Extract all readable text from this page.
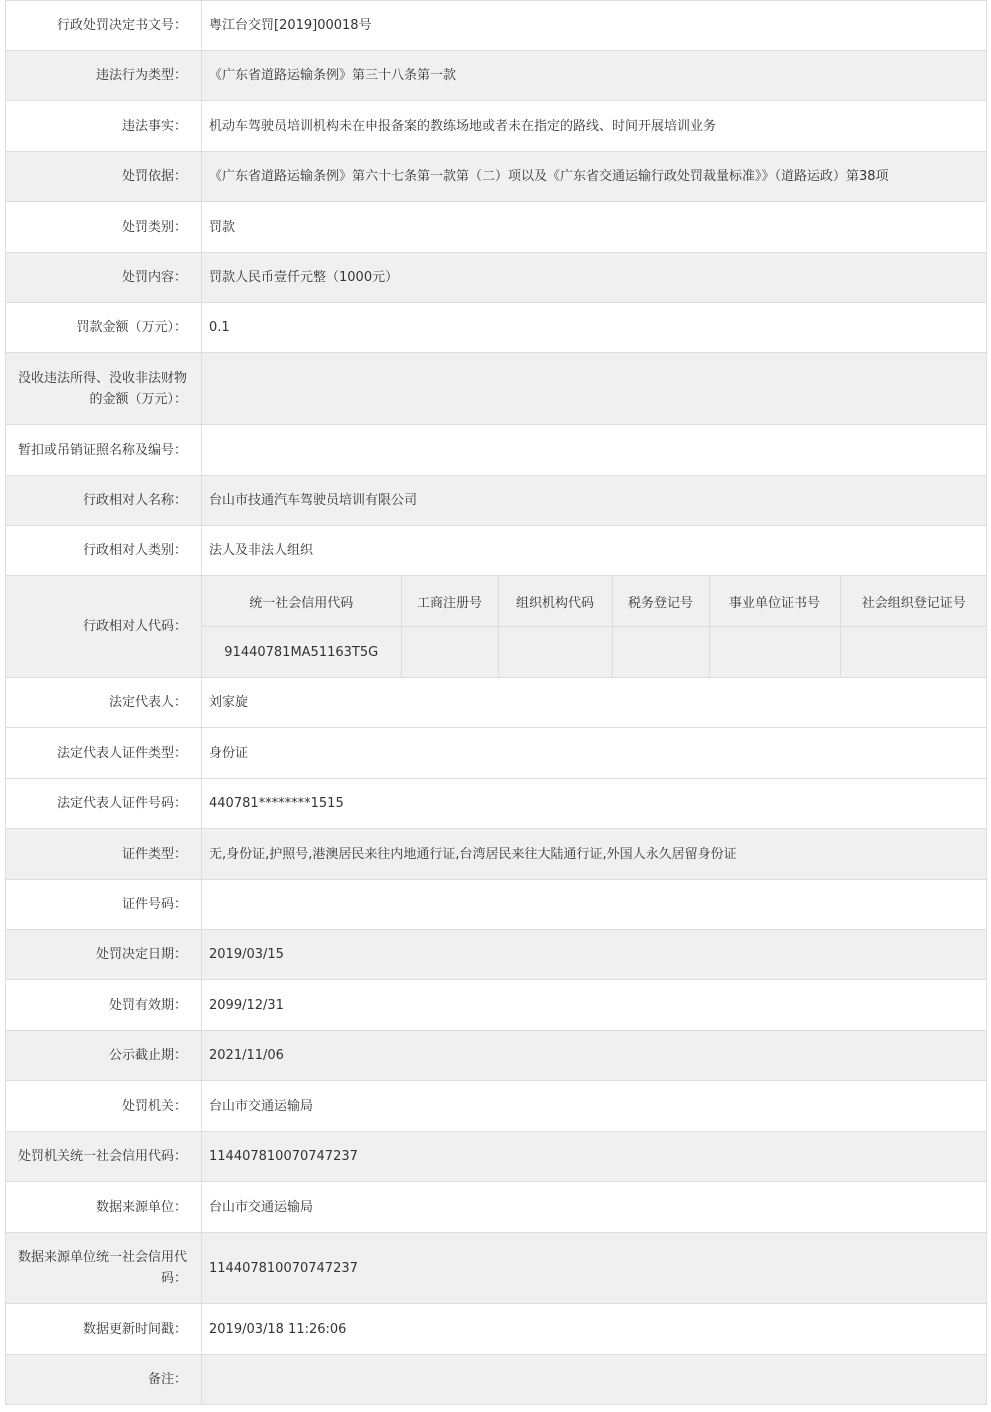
行政处罚决定书文号：	粤江台交罚[2019]00018号
违法行为类型：	《广东省道路运输条例》第三十八条第一款
违法事实：	机动车驾驶员培训机构未在申报备案的教练场地或者未在指定的路线、时间开展培训业务
处罚依据：	《广东省道路运输条例》第六十七条第一款第（二）项以及《广东省交通运输行政处罚裁量标准》》（道路运政）第38项
处罚类别：	罚款
处罚内容：	罚款人民币壹仟元整（1000元）
罚款金额（万元）：	0.1
没收违法所得、没收非法财物的金额（万元）：	
暂扣或吊销证照名称及编号：	
行政相对人名称：	台山市技通汽车驾驶员培训有限公司
行政相对人类别：	法人及非法人组织
行政相对人代码：	
统一社会信用代码	工商注册号	组织机构代码	税务登记号	事业单位证书号	社会组织登记证号
91440781MA51163T5G					

法定代表人：	刘家旋
法定代表人证件类型：	身份证
法定代表人证件号码：	440781********1515
证件类型：	无,身份证,护照号,港澳居民来往内地通行证,台湾居民来往大陆通行证,外国人永久居留身份证
证件号码：	
处罚决定日期：	2019/03/15
处罚有效期：	2099/12/31
公示截止期：	2021/11/06
处罚机关：	台山市交通运输局
处罚机关统一社会信用代码：	114407810070747237
数据来源单位：	台山市交通运输局
数据来源单位统一社会信用代码：	114407810070747237
数据更新时间戳：	2019/03/18 11:26:06
备注：	
